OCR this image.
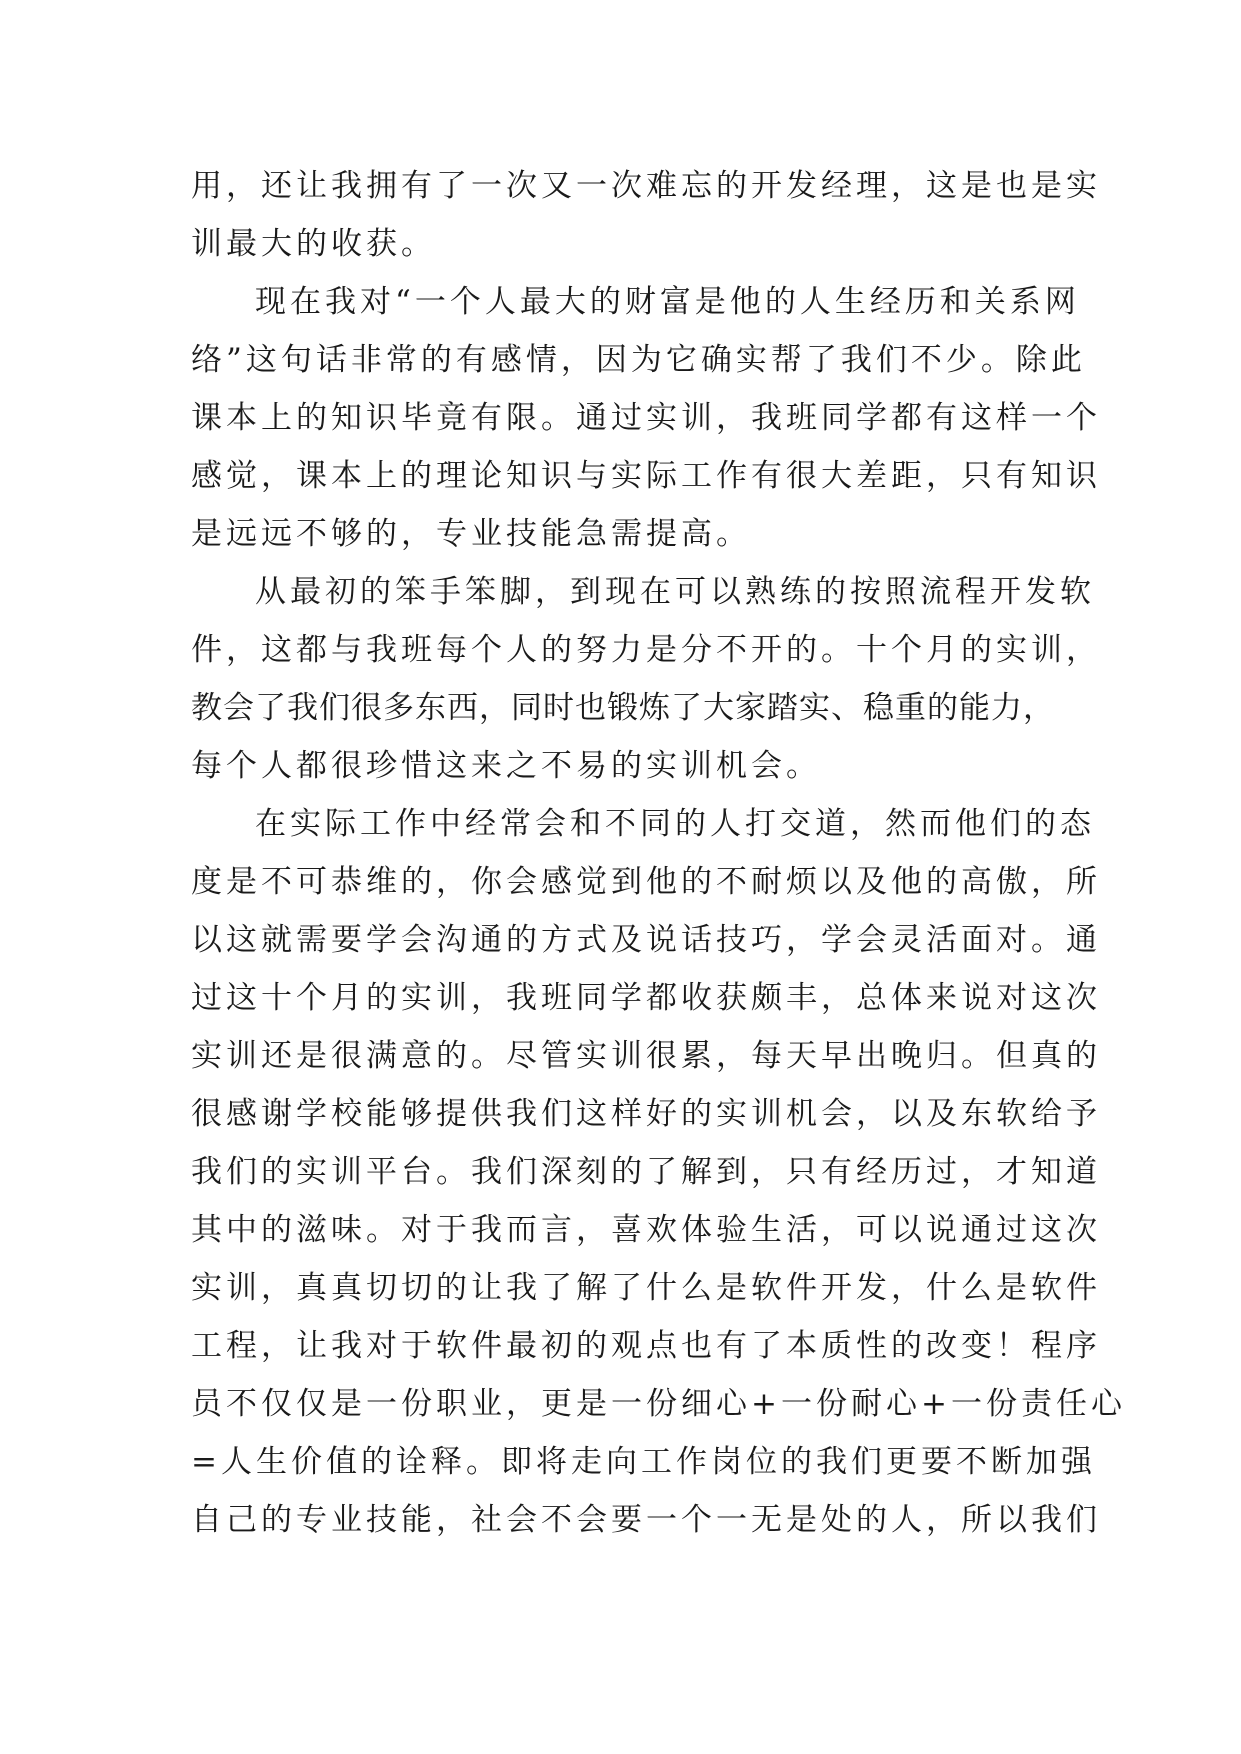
用，还让我拥有了一次又一次难忘的开发经理，这是也是实
训最大的收获。
现在我对“一个人最大的财富是他的人生经历和关系网
络”这句话非常的有感情，因为它确实帮了我们不少。除此
课本上的知识毕竟有限。通过实训，我班同学都有这样一个
感觉，课本上的理论知识与实际工作有很大差距，只有知识
是远远不够的，专业技能急需提高。
从最初的笨手笨脚，到现在可以熟练的按照流程开发软
件，这都与我班每个人的努力是分不开的。十个月的实训，
教会了我们很多东西，同时也锻炼了大家踏实、稳重的能力，
每个人都很珍惜这来之不易的实训机会。
在实际工作中经常会和不同的人打交道，然而他们的态
度是不可恭维的，你会感觉到他的不耐烦以及他的高傲，所
以这就需要学会沟通的方式及说话技巧，学会灵活面对。通
过这十个月的实训，我班同学都收获颇丰，总体来说对这次
实训还是很满意的。尽管实训很累，每天早出晚归。但真的
很感谢学校能够提供我们这样好的实训机会，以及东软给予
我们的实训平台。我们深刻的了解到，只有经历过，才知道
其中的滋味。对于我而言，喜欢体验生活，可以说通过这次
实训，真真切切的让我了解了什么是软件开发，什么是软件
工程，让我对于软件最初的观点也有了本质性的改变！程序
员不仅仅是一份职业，更是一份细心+一份耐心+一份责任心
=人生价值的诠释。即将走向工作岗位的我们更要不断加强
自己的专业技能，社会不会要一个一无是处的人，所以我们
